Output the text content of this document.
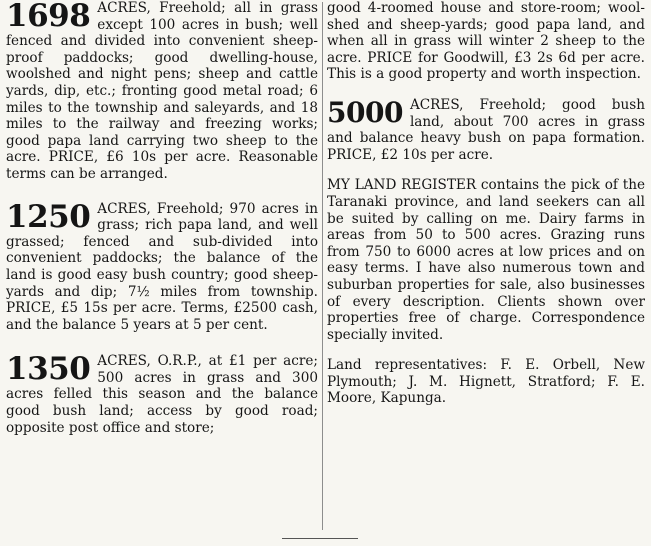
1698 ACRES, Freehold; all in grass except 100 acres in bush; well fenced and divided into convenient sheep-proof paddocks; good dwelling-house, woolshed and night pens; sheep and cattle yards, dip, etc.; fronting good metal road; 6 miles to the township and saleyards, and 18 miles to the railway and freezing works; good papa land carrying two sheep to the acre. PRICE, £6 10s per acre. Reasonable terms can be arranged.
1250 ACRES, Freehold; 970 acres in grass; rich papa land, and well grassed; fenced and sub-divided into convenient paddocks; the balance of the land is good easy bush country; good sheep-yards and dip; 7½ miles from township. PRICE, £5 15s per acre. Terms, £2500 cash, and the balance 5 years at 5 per cent.
1350 ACRES, O.R.P., at £1 per acre; 500 acres in grass and 300 acres felled this season and the balance good bush land; access by good road; opposite post office and store;
good 4-roomed house and store-room; wool-shed and sheep-yards; good papa land, and when all in grass will winter 2 sheep to the acre. PRICE for Goodwill, £3 2s 6d per acre. This is a good property and worth inspection.
5000 ACRES, Freehold; good bush land, about 700 acres in grass and balance heavy bush on papa formation. PRICE, £2 10s per acre.
MY LAND REGISTER contains the pick of the Taranaki province, and land seekers can all be suited by calling on me. Dairy farms in areas from 50 to 500 acres. Grazing runs from 750 to 6000 acres at low prices and on easy terms. I have also numerous town and suburban properties for sale, also businesses of every description. Clients shown over properties free of charge. Correspondence specially invited.
Land representatives: F. E. Orbell, New Plymouth; J. M. Hignett, Stratford; F. E. Moore, Kapunga.
